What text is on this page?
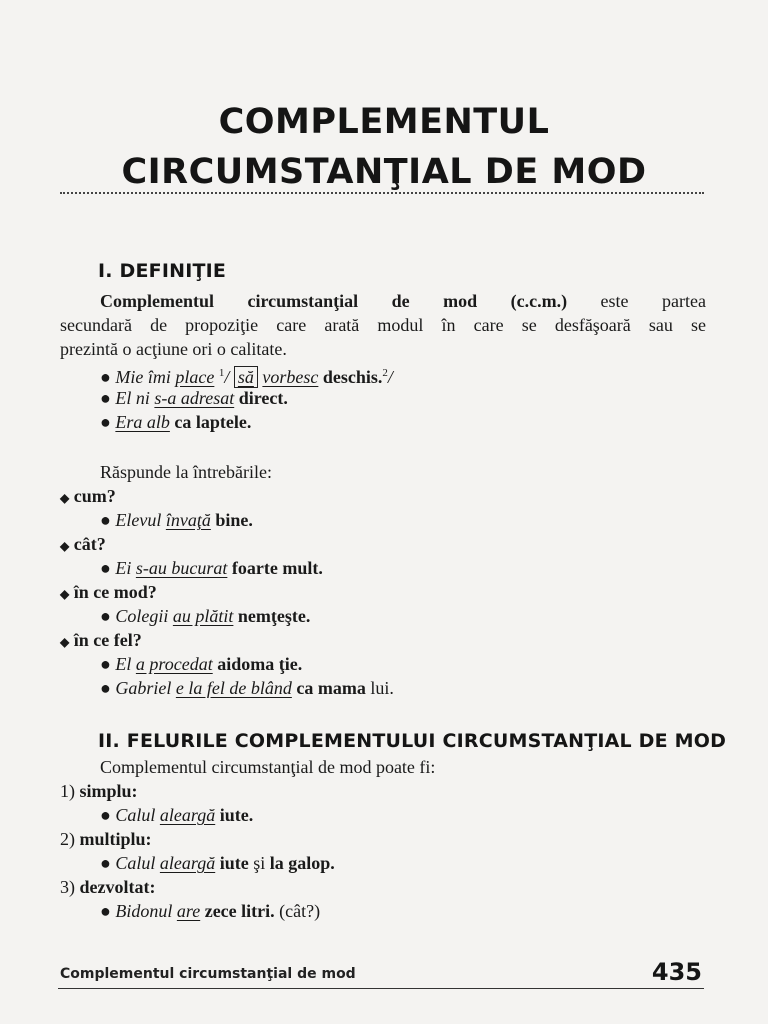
COMPLEMENTUL
CIRCUMSTANŢIAL DE MOD
I. DEFINIŢIE
Complementul circumstanţial de mod (c.c.m.) este partea
secundară de propoziţie care arată modul în care se desfăşoară sau se
prezintă o acţiune ori o calitate.
● Mie îmi place $^1$/ să vorbesc deschis.$^2$/
● El ni s-a adresat direct.
● Era alb ca laptele.
Răspunde la întrebările:
◆ cum?
● Elevul învaţă bine.
◆ cât?
● Ei s-au bucurat foarte mult.
◆ în ce mod?
● Colegii au plătit nemţeşte.
◆ în ce fel?
● El a procedat aidoma ţie.
● Gabriel e la fel de blând ca mama lui.
II. FELURILE COMPLEMENTULUI CIRCUMSTANŢIAL DE MOD
Complementul circumstanţial de mod poate fi:
1) simplu:
● Calul aleargă iute.
2) multiplu:
● Calul aleargă iute şi la galop.
3) dezvoltat:
● Bidonul are zece litri. (cât?)
Complementul circumstanţial de mod	435
